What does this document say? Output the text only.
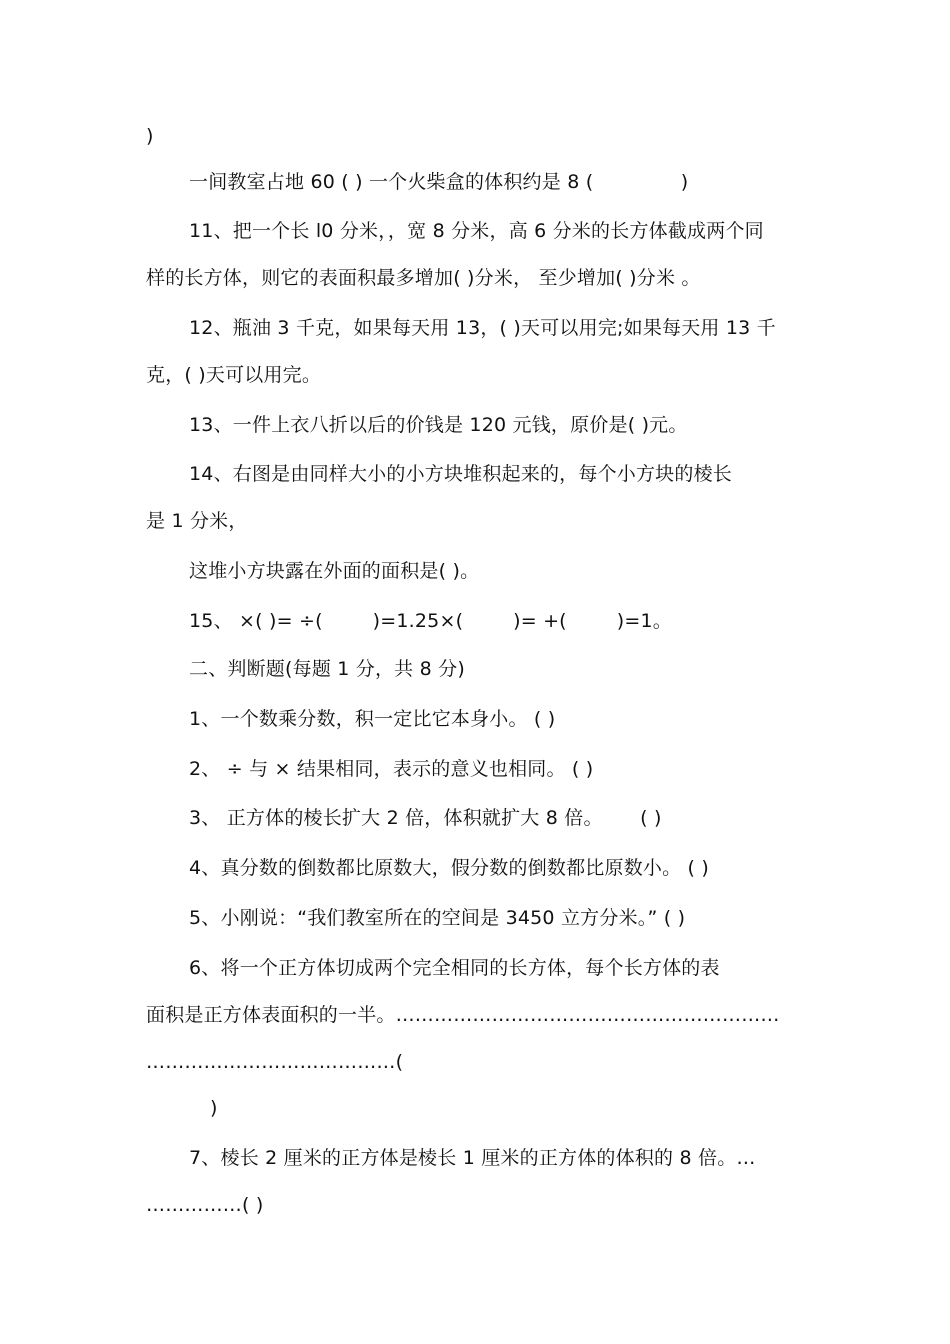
)
一间教室占地 60 ( ) 一个火柴盒的体积约是 8 (              )
11、把一个长 l0 分米，，宽 8 分米，高 6 分米的长方体截成两个同
样的长方体，则它的表面积最多增加( )分米， 至少增加( )分米 。
12、瓶油 3 千克，如果每天用 13，( )天可以用完;如果每天用 13 千
克，( )天可以用完。
13、一件上衣八折以后的价钱是 120 元钱，原价是( )元。
14、右图是由同样大小的小方块堆积起来的，每个小方块的棱长
是 1 分米，
这堆小方块露在外面的面积是( )。
15、 ×( )= ÷(        )=1.25×(        )= +(        )=1。
二、判断题(每题 1 分，共 8 分)
1、一个数乘分数，积一定比它本身小。 ( )
2、 ÷ 与 × 结果相同，表示的意义也相同。 ( )
3、 正方体的棱长扩大 2 倍，体积就扩大 8 倍。      ( )
4、真分数的倒数都比原数大，假分数的倒数都比原数小。 ( )
5、小刚说：“我们教室所在的空间是 3450 立方分米。” ( )
6、将一个正方体切成两个完全相同的长方体，每个长方体的表
面积是正方体表面积的一半。……………………………………………………
…………………………………(
)
7、棱长 2 厘米的正方体是棱长 1 厘米的正方体的体积的 8 倍。…
……………( )
